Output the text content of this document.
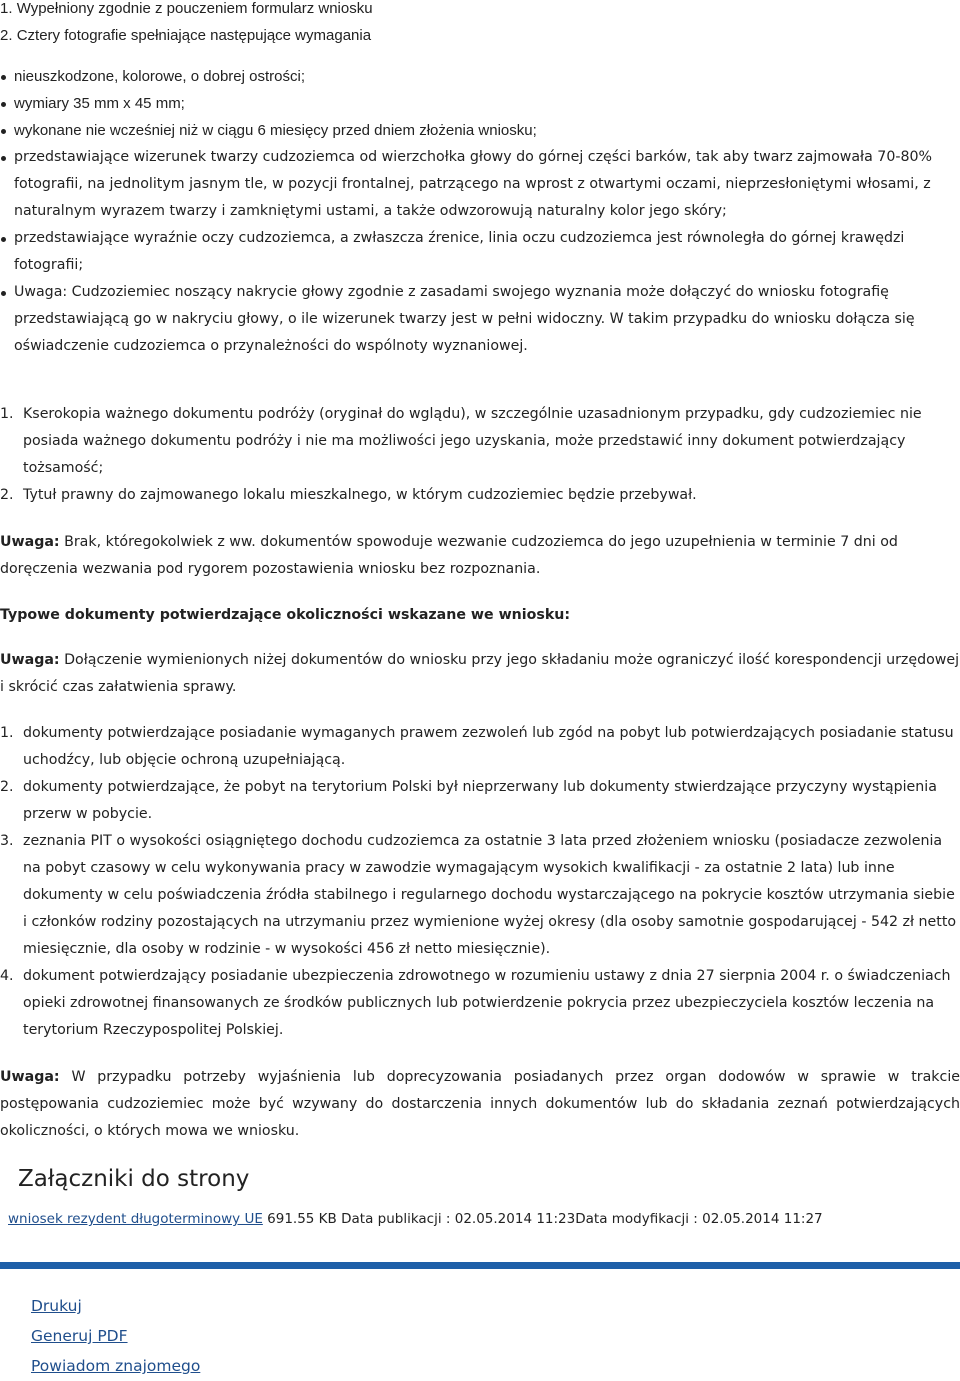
1. Wypełniony zgodnie z pouczeniem formularz wniosku
2. Cztery fotografie spełniające następujące wymagania
nieuszkodzone, kolorowe, o dobrej ostrości;
wymiary 35 mm x 45 mm;
wykonane nie wcześniej niż w ciągu 6 miesięcy przed dniem złożenia wniosku;
przedstawiające wizerunek twarzy cudzoziemca od wierzchołka głowy do górnej części barków, tak aby twarz zajmowała 70-80% fotografii, na jednolitym jasnym tle, w pozycji frontalnej, patrzącego na wprost z otwartymi oczami, nieprzesłoniętymi włosami, z naturalnym wyrazem twarzy i zamkniętymi ustami, a także odwzorowują naturalny kolor jego skóry;
przedstawiające wyraźnie oczy cudzoziemca, a zwłaszcza źrenice, linia oczu cudzoziemca jest równoległa do górnej krawędzi fotografii;
Uwaga: Cudzoziemiec noszący nakrycie głowy zgodnie z zasadami swojego wyznania może dołączyć do wniosku fotografię przedstawiającą go w nakryciu głowy, o ile wizerunek twarzy jest w pełni widoczny. W takim przypadku do wniosku dołącza się oświadczenie cudzoziemca o przynależności do wspólnoty wyznaniowej.
1. Kserokopia ważnego dokumentu podróży (oryginał do wglądu), w szczególnie uzasadnionym przypadku, gdy cudzoziemiec nie posiada ważnego dokumentu podróży i nie ma możliwości jego uzyskania, może przedstawić inny dokument potwierdzający tożsamość;
2. Tytuł prawny do zajmowanego lokalu mieszkalnego, w którym cudzoziemiec będzie przebywał.

Uwaga: Brak, któregokolwiek z ww. dokumentów spowoduje wezwanie cudzoziemca do jego uzupełnienia w terminie 7 dni od doręczenia wezwania pod rygorem pozostawienia wniosku bez rozpoznania.

Typowe dokumenty potwierdzające okoliczności wskazane we wniosku:

Uwaga: Dołączenie wymienionych niżej dokumentów do wniosku przy jego składaniu może ograniczyć ilość korespondencji urzędowej i skrócić czas załatwienia sprawy.

1. dokumenty potwierdzające posiadanie wymaganych prawem zezwoleń lub zgód na pobyt lub potwierdzających posiadanie statusu uchodźcy, lub objęcie ochroną uzupełniającą.
2. dokumenty potwierdzające, że pobyt na terytorium Polski był nieprzerwany lub dokumenty stwierdzające przyczyny wystąpienia przerw w pobycie.
3. zeznania PIT o wysokości osiągniętego dochodu cudzoziemca za ostatnie 3 lata przed złożeniem wniosku (posiadacze zezwolenia na pobyt czasowy w celu wykonywania pracy w zawodzie wymagającym wysokich kwalifikacji - za ostatnie 2 lata) lub inne dokumenty w celu poświadczenia źródła stabilnego i regularnego dochodu wystarczającego na pokrycie kosztów utrzymania siebie i członków rodziny pozostających na utrzymaniu przez wymienione wyżej okresy (dla osoby samotnie gospodarującej - 542 zł netto miesięcznie, dla osoby w rodzinie - w wysokości 456 zł netto miesięcznie).
4. dokument potwierdzający posiadanie ubezpieczenia zdrowotnego w rozumieniu ustawy z dnia 27 sierpnia 2004 r. o świadczeniach opieki zdrowotnej finansowanych ze środków publicznych lub potwierdzenie pokrycia przez ubezpieczyciela kosztów leczenia na terytorium Rzeczypospolitej Polskiej.

Uwaga: W przypadku potrzeby wyjaśnienia lub doprecyzowania posiadanych przez organ dodowów w sprawie w trakcie postępowania cudzoziemiec może być wzywany do dostarczenia innych dokumentów lub do składania zeznań potwierdzających okoliczności, o których mowa we wniosku.

Załączniki do strony
wniosek rezydent długoterminowy UE 691.55 KB Data publikacji : 02.05.2014 11:23Data modyfikacji : 02.05.2014 11:27
Drukuj
Generuj PDF
Powiadom znajomego
